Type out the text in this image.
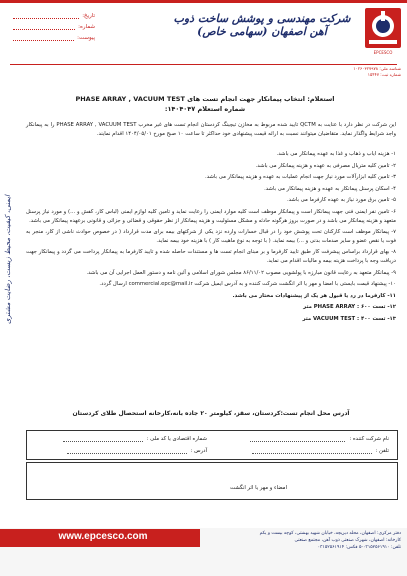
EPCESCO
شرکت مهندسی و پوشش ساخت ذوب آهن اصفهان (سهامی خاص)
تاریخ:
شماره:
پیوست:
شناسه ملی: ۱۰۲۶۰۳۲۷۹۷۸
شماره ثبت: ۱۵۴۴۷
ایمنی، کیفیت، محیط زیست، رضایت مشتری
استعلام: انتخاب پیمانکار جهت انجام تست های PHASE ARRAY , VACUUM TEST
شماره استعلام ۱۴۰۴۰۴۷:
این شرکت در نظر دارد با عنایت به QCTM تایید شده مربوط به مخازن تیچینگ کردستان انجام تست های غیر مخرب PHASE ARRAY , VACUUM TEST را به پیمانکار واجد شرایط واگذار نماید. متقاضیان میتوانند نسبت به ارائه قیمت پیشنهادی خود حداکثر تا ساعت ۱۰ صبح مورخ ۱۴۰۴/۰۵/۰۱ اقدام نمایند.
۱- هزینه ایاب و ذهاب و غذا به عهده پیمانکار می باشد.
۲- تامین کلیه متریال مصرفی به عهده و هزینه پیمانکار می باشد.
۳- تامین کلیه ابزارآلات مورد نیاز جهت انجام عملیات به عهده و هزینه پیمانکار می باشد.
۴- اسکان پرسنل پیمانکار به عهده و هزینه پیمانکار می باشد.
۵- تامین برق مورد نیاز به عهده کارفرما می باشد.
۶- تامین نفر ایمنی فنی جهت پیمانکار است و پیمانکار موظف است کلیه موارد ایمنی را رعایت نماید و تامین کلیه لوازم ایمنی (لباس کار، کفش و ...) و مورد نیاز پرسنل متعهد و هزینه پیمانکار می باشد و در صورت بروز هرگونه حادثه و مشکل مسئولیت و هزینه پیمانکار از نظر حقوقی و قضائی و جزائی و قانونی برعهده پیمانکار می باشد.
۷- پیمانکار موظف است کارکنان تحت پوشش خود را در قبال خسارات وارده نزد یکی از شرکتهای بیمه برای مدت قرارداد ( در خصوص حوادث ناشی از کار، منجر به فوت یا نقص عضو و سایر صدمات بدنی و ...) بیمه نماید. ( با توجه به نوع ماهیت کار ) با هزینه خود بیمه نماید.
۸- بهای قرارداد براساس پیشرفت کار طبق تایید کارفرما و بر مبنای انجام تست ها و مستندات حاصله شده و تایید کارفرما به پیمانکار پرداخت می گردد و پیمانکار جهت دریافت وجه با پرداخت هزینه بیمه و مالیات اقدام می نماید.
۹- پیمانکار متعهد به رعایت قانون مبارزه با پولشویی مصوب ۸۶/۱۱/۰۲ مجلس شورای اسلامی و آئین نامه و دستور العمل اجرایی آن می باشد.
۱۰- پیشنهاد قیمت بایستی با امضا و مهر یا اثر انگشت شرکت کننده و به آدرس ایمیل شرکت commercial.epc@mail.ir ارسال گردد.
۱۱- کارفرما در رد یا قبول هر یک از پیشنهادات مختار می باشد.
۱۲- تست PHASE ARRAY : ۶۰۰ متر
۱۳- تست VACUUM TEST : ۴۰۰ متر
آدرس محل انجام تست:کردستان، سقز، کیلومتر ۲۰ جاده بانه،کارخانه استحصال طلای کردستان
نام شرکت کننده :
شماره اقتصادی یا کد ملی :
تلفن :
آدرس :
امضاء و مهر یا اثر انگشت
www.epcesco.com	دفتر مرکزی: اصفهان، محله دیزیچه، خیابان شهید بهشتی، کوچه بیست و یکم
کارخانه: اصفهان، شهرک صنعتی ذوب آهن، مجتمع صنعتی
تلفن: ۰۳۱۵۲۵۶۱۹۱۰-۵ فکس: ۰۳۱۵۲۵۶۱۹۱۴
